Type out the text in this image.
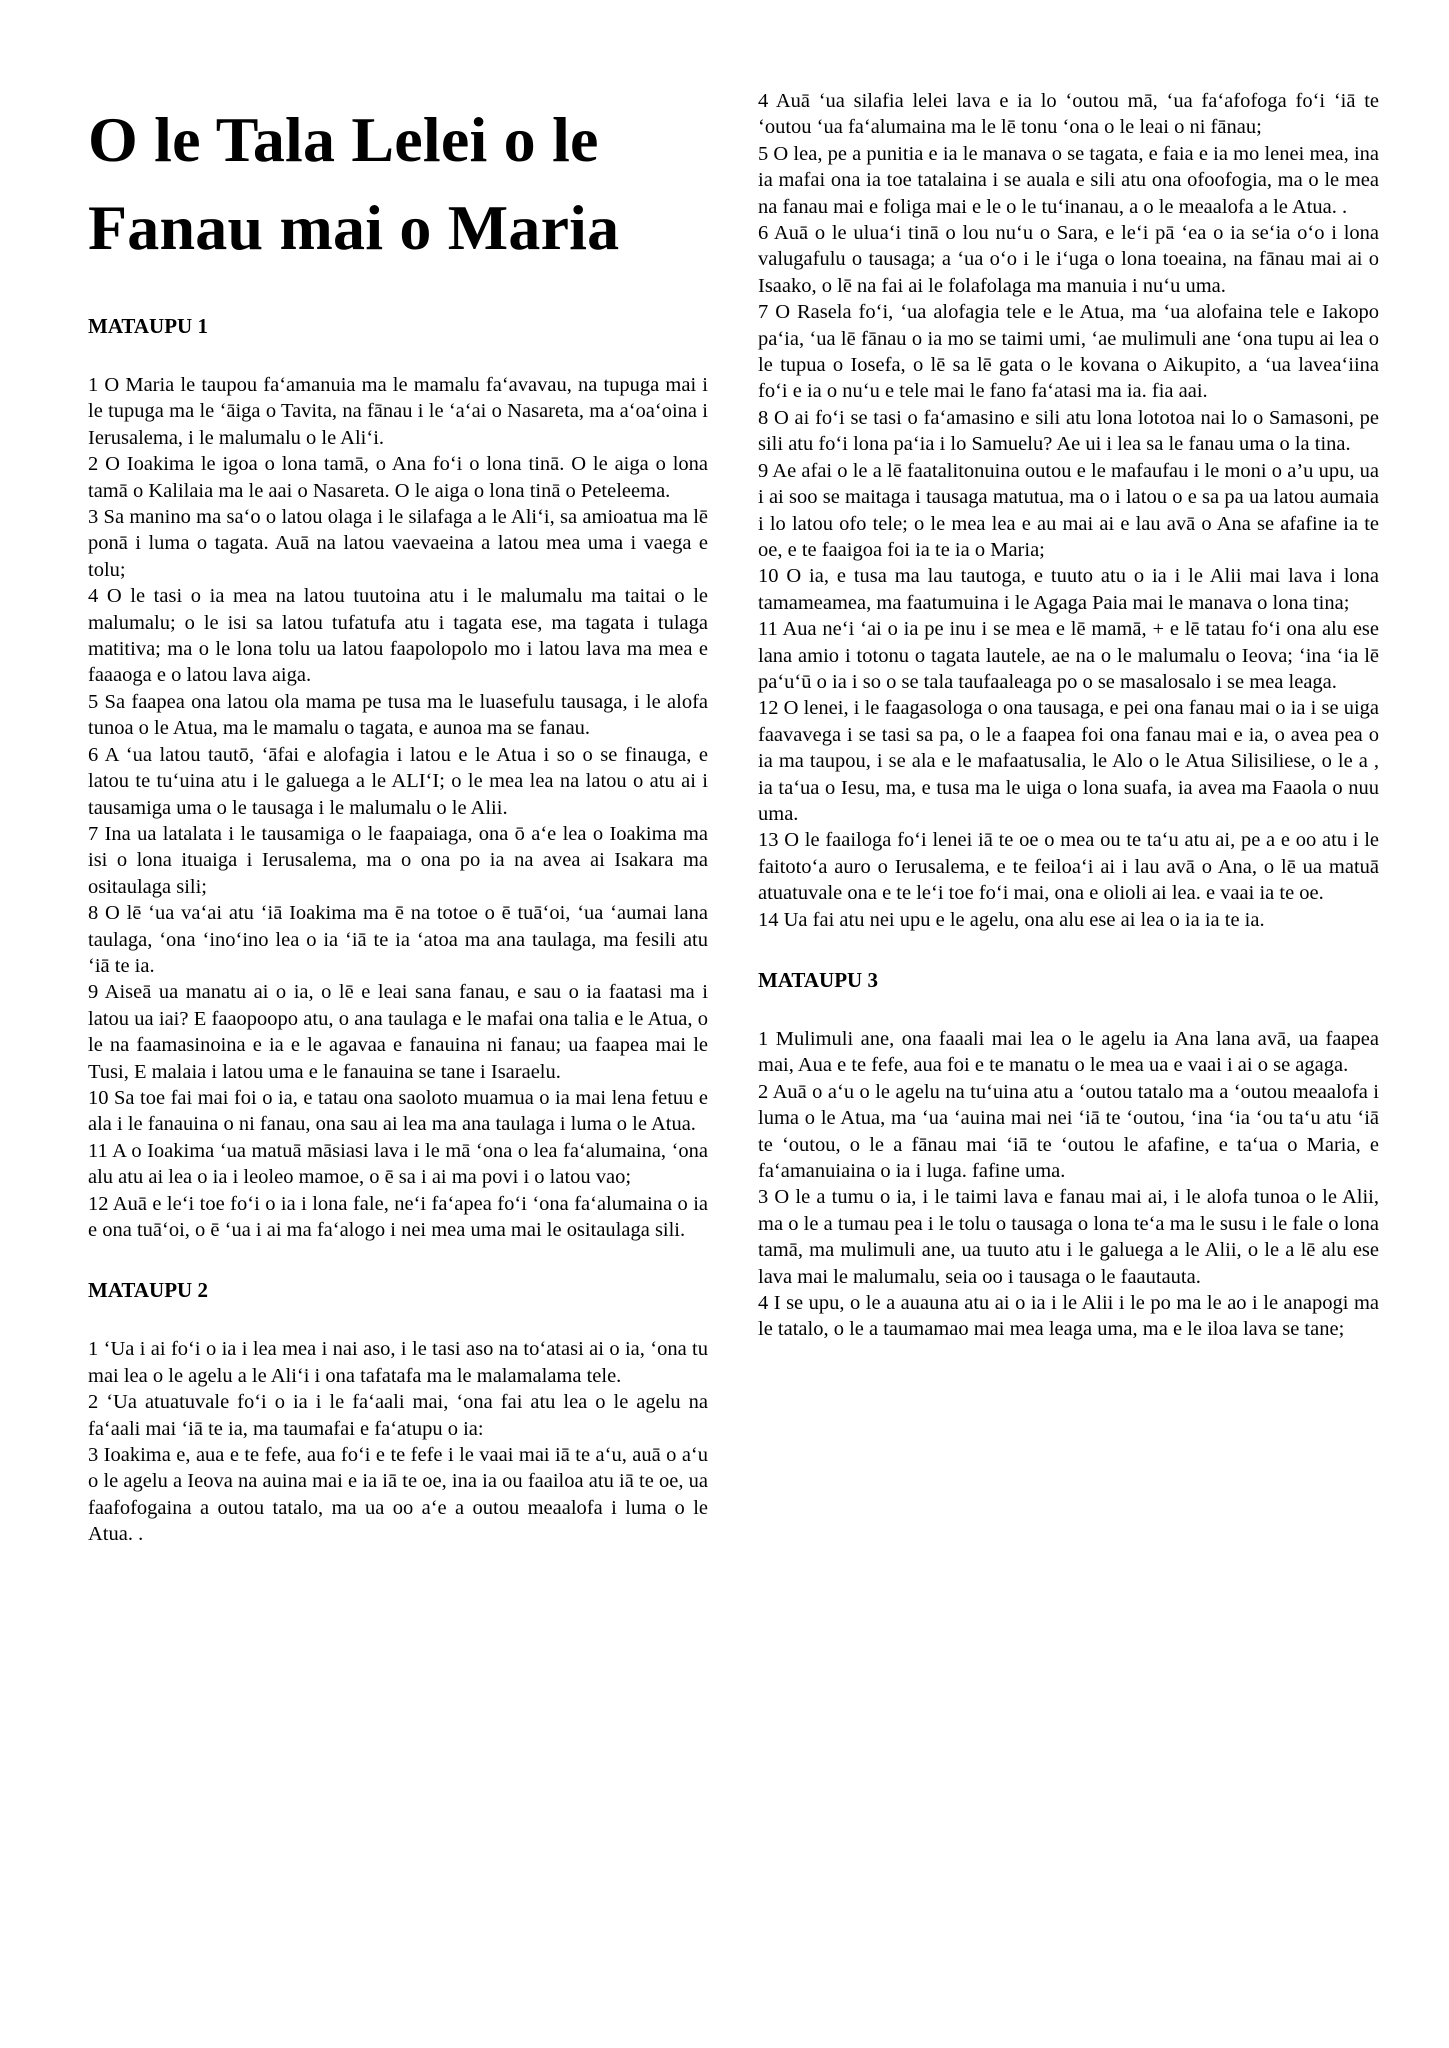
O le Tala Lelei o le Fanau mai o Maria
MATAUPU 1

1 O Maria le taupou fa‘amanuia ma le mamalu fa‘avavau, na tupuga mai i le tupuga ma le ‘āiga o Tavita, na fānau i le ‘a‘ai o Nasareta, ma a‘oa‘oina i Ierusalema, i le malumalu o le Ali‘i.

2 O Ioakima le igoa o lona tamā, o Ana fo‘i o lona tinā. O le aiga o lona tamā o Kalilaia ma le aai o Nasareta. O le aiga o lona tinā o Peteleema.

3 Sa manino ma sa‘o o latou olaga i le silafaga a le Ali‘i, sa amioatua ma lē ponā i luma o tagata. Auā na latou vaevaeina a latou mea uma i vaega e tolu;

4 O le tasi o ia mea na latou tuutoina atu i le malumalu ma taitai o le malumalu; o le isi sa latou tufatufa atu i tagata ese, ma tagata i tulaga matitiva; ma o le lona tolu ua latou faapolopolo mo i latou lava ma mea e faaaoga e o latou lava aiga.

5 Sa faapea ona latou ola mama pe tusa ma le luasefulu tausaga, i le alofa tunoa o le Atua, ma le mamalu o tagata, e aunoa ma se fanau.

6 A ‘ua latou tautō, ‘āfai e alofagia i latou e le Atua i so o se finauga, e latou te tu‘uina atu i le galuega a le ALI‘I; o le mea lea na latou o atu ai i tausamiga uma o le tausaga i le malumalu o le Alii.

7 Ina ua latalata i le tausamiga o le faapaiaga, ona ō a‘e lea o Ioakima ma isi o lona ituaiga i Ierusalema, ma o ona po ia na avea ai Isakara ma ositaulaga sili;

8 O lē ‘ua va‘ai atu ‘iā Ioakima ma ē na totoe o ē tuā‘oi, ‘ua ‘aumai lana taulaga, ‘ona ‘ino‘ino lea o ia ‘iā te ia ‘atoa ma ana taulaga, ma fesili atu ‘iā te ia.

9 Aiseā ua manatu ai o ia, o lē e leai sana fanau, e sau o ia faatasi ma i latou ua iai? E faaopoopo atu, o ana taulaga e le mafai ona talia e le Atua, o le na faamasinoina e ia e le agavaa e fanauina ni fanau; ua faapea mai le Tusi, E malaia i latou uma e le fanauina se tane i Isaraelu.

10 Sa toe fai mai foi o ia, e tatau ona saoloto muamua o ia mai lena fetuu e ala i le fanauina o ni fanau, ona sau ai lea ma ana taulaga i luma o le Atua.

11 A o Ioakima ‘ua matuā māsiasi lava i le mā ‘ona o lea fa‘alumaina, ‘ona alu atu ai lea o ia i leoleo mamoe, o ē sa i ai ma povi i o latou vao;

12 Auā e le‘i toe fo‘i o ia i lona fale, ne‘i fa‘apea fo‘i ‘ona fa‘alumaina o ia e ona tuā‘oi, o ē ‘ua i ai ma fa‘alogo i nei mea uma mai le ositaulaga sili.

MATAUPU 2

1 ‘Ua i ai fo‘i o ia i lea mea i nai aso, i le tasi aso na to‘atasi ai o ia, ‘ona tu mai lea o le agelu a le Ali‘i i ona tafatafa ma le malamalama tele.

2 ‘Ua atuatuvale fo‘i o ia i le fa‘aali mai, ‘ona fai atu lea o le agelu na fa‘aali mai ‘iā te ia, ma taumafai e fa‘atupu o ia:

3 Ioakima e, aua e te fefe, aua fo‘i e te fefe i le vaai mai iā te a‘u, auā o a‘u o le agelu a Ieova na auina mai e ia iā te oe, ina ia ou faailoa atu iā te oe, ua faafofogaina a outou tatalo, ma ua oo a‘e a outou meaalofa i luma o le Atua. .

4 Auā ‘ua silafia lelei lava e ia lo ‘outou mā, ‘ua fa‘afofoga fo‘i ‘iā te ‘outou ‘ua fa‘alumaina ma le lē tonu ‘ona o le leai o ni fānau;

5 O lea, pe a punitia e ia le manava o se tagata, e faia e ia mo lenei mea, ina ia mafai ona ia toe tatalaina i se auala e sili atu ona ofoofogia, ma o le mea na fanau mai e foliga mai e le o le tu‘inanau, a o le meaalofa a le Atua. .

6 Auā o le ulua‘i tinā o lou nu‘u o Sara, e le‘i pā ‘ea o ia se‘ia o‘o i lona valugafulu o tausaga; a ‘ua o‘o i le i‘uga o lona toeaina, na fānau mai ai o Isaako, o lē na fai ai le folafolaga ma manuia i nu‘u uma.

7 O Rasela fo‘i, ‘ua alofagia tele e le Atua, ma ‘ua alofaina tele e Iakopo pa‘ia, ‘ua lē fānau o ia mo se taimi umi, ‘ae mulimuli ane ‘ona tupu ai lea o le tupua o Iosefa, o lē sa lē gata o le kovana o Aikupito, a ‘ua lavea‘iina fo‘i e ia o nu‘u e tele mai le fano fa‘atasi ma ia. fia aai.

8 O ai fo‘i se tasi o fa‘amasino e sili atu lona lototoa nai lo o Samasoni, pe sili atu fo‘i lona pa‘ia i lo Samuelu? Ae ui i lea sa le fanau uma o la tina.

9 Ae afai o le a lē faatalitonuina outou e le mafaufau i le moni o a’u upu, ua i ai soo se maitaga i tausaga matutua, ma o i latou o e sa pa ua latou aumaia i lo latou ofo tele; o le mea lea e au mai ai e lau avā o Ana se afafine ia te oe, e te faaigoa foi ia te ia o Maria;

10 O ia, e tusa ma lau tautoga, e tuuto atu o ia i le Alii mai lava i lona tamameamea, ma faatumuina i le Agaga Paia mai le manava o lona tina;

11 Aua ne‘i ‘ai o ia pe inu i se mea e lē mamā, + e lē tatau fo‘i ona alu ese lana amio i totonu o tagata lautele, ae na o le malumalu o Ieova; ‘ina ‘ia lē pa‘u‘ū o ia i so o se tala taufaaleaga po o se masalosalo i se mea leaga.

12 O lenei, i le faagasologa o ona tausaga, e pei ona fanau mai o ia i se uiga faavavega i se tasi sa pa, o le a faapea foi ona fanau mai e ia, o avea pea o ia ma taupou, i se ala e le mafaatusalia, le Alo o le Atua Silisiliese, o le a , ia ta‘ua o Iesu, ma, e tusa ma le uiga o lona suafa, ia avea ma Faaola o nuu uma.

13 O le faailoga fo‘i lenei iā te oe o mea ou te ta‘u atu ai, pe a e oo atu i le faitoto‘a auro o Ierusalema, e te feiloa‘i ai i lau avā o Ana, o lē ua matuā atuatuvale ona e te le‘i toe fo‘i mai, ona e olioli ai lea. e vaai ia te oe.

14 Ua fai atu nei upu e le agelu, ona alu ese ai lea o ia ia te ia.

MATAUPU 3

1 Mulimuli ane, ona faaali mai lea o le agelu ia Ana lana avā, ua faapea mai, Aua e te fefe, aua foi e te manatu o le mea ua e vaai i ai o se agaga.

2 Auā o a‘u o le agelu na tu‘uina atu a ‘outou tatalo ma a ‘outou meaalofa i luma o le Atua, ma ‘ua ‘auina mai nei ‘iā te ‘outou, ‘ina ‘ia ‘ou ta‘u atu ‘iā te ‘outou, o le a fānau mai ‘iā te ‘outou le afafine, e ta‘ua o Maria, e fa‘amanuiaina o ia i luga. fafine uma.

3 O le a tumu o ia, i le taimi lava e fanau mai ai, i le alofa tunoa o le Alii, ma o le a tumau pea i le tolu o tausaga o lona te‘a ma le susu i le fale o lona tamā, ma mulimuli ane, ua tuuto atu i le galuega a le Alii, o le a lē alu ese lava mai le malumalu, seia oo i tausaga o le faautauta.

4 I se upu, o le a auauna atu ai o ia i le Alii i le po ma le ao i le anapogi ma le tatalo, o le a taumamao mai mea leaga uma, ma e le iloa lava se tane;
